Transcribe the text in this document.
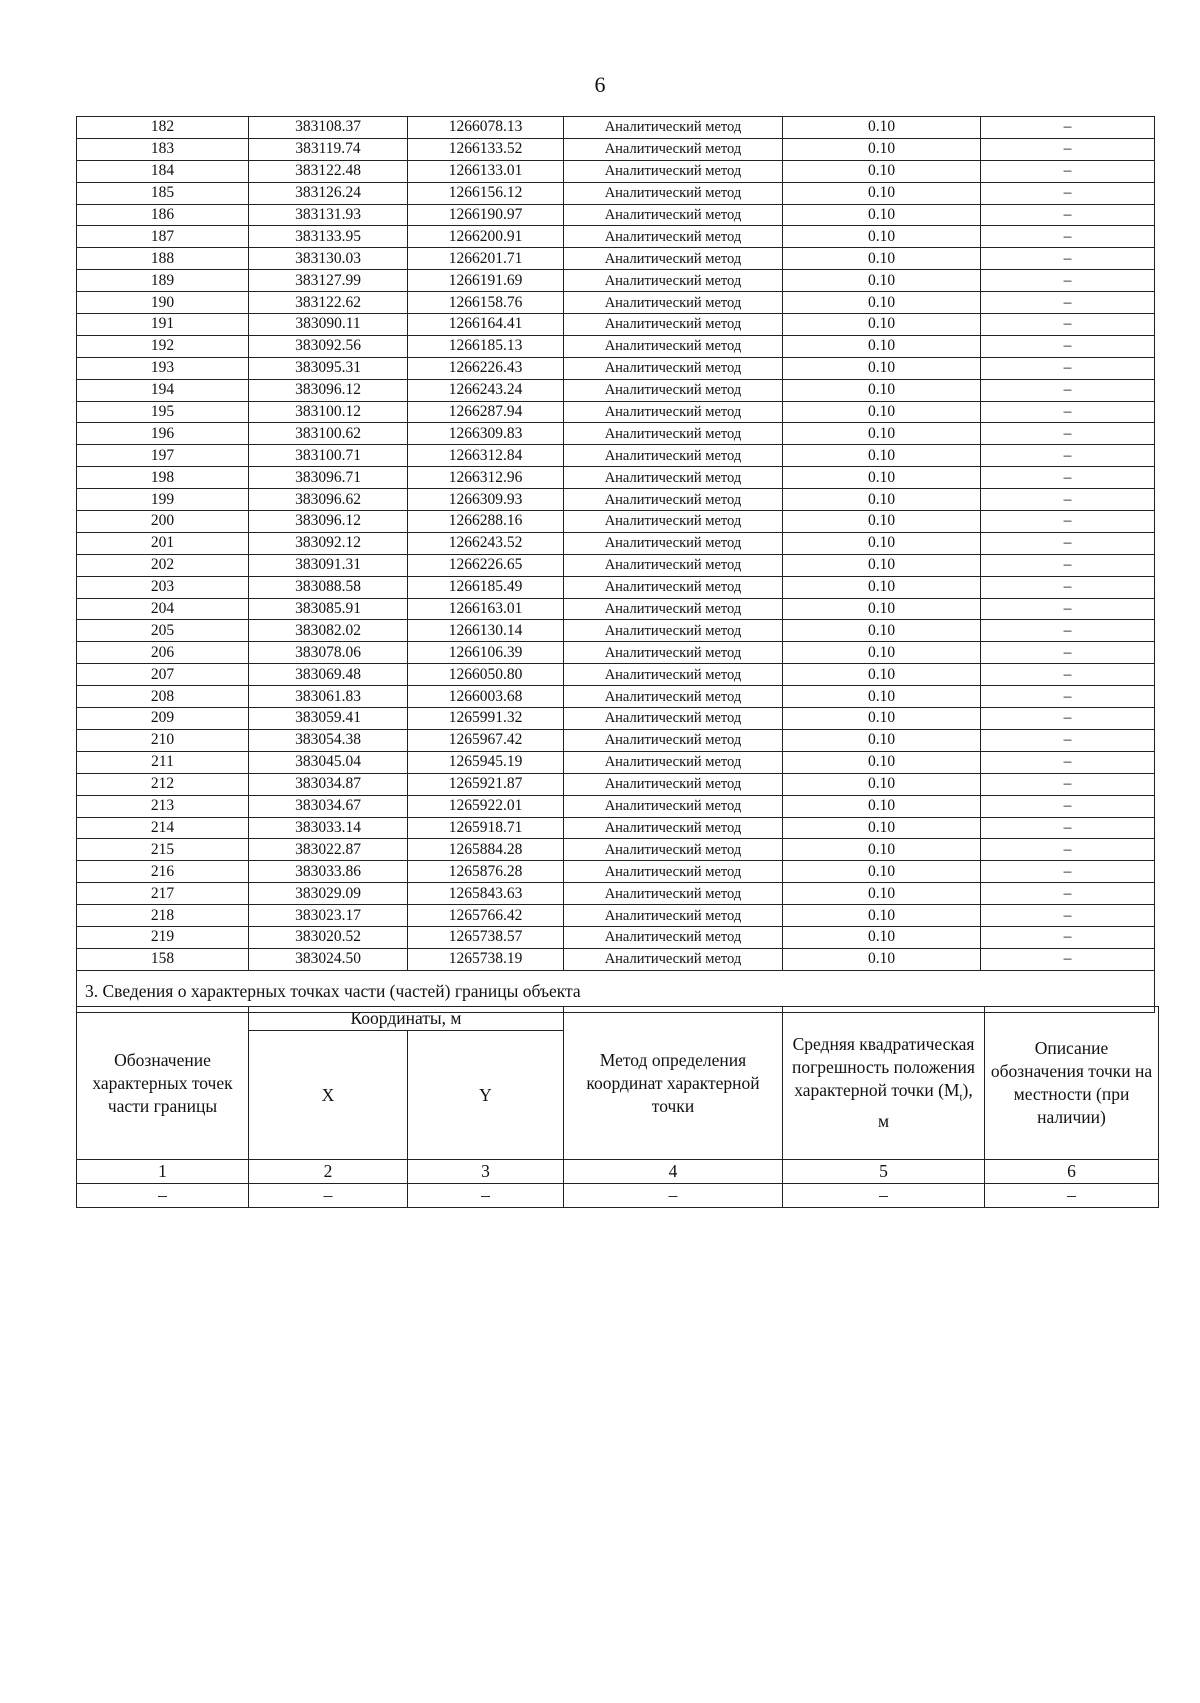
6
182	383108.37	1266078.13	Аналитический метод	0.10	–
183	383119.74	1266133.52	Аналитический метод	0.10	–
184	383122.48	1266133.01	Аналитический метод	0.10	–
185	383126.24	1266156.12	Аналитический метод	0.10	–
186	383131.93	1266190.97	Аналитический метод	0.10	–
187	383133.95	1266200.91	Аналитический метод	0.10	–
188	383130.03	1266201.71	Аналитический метод	0.10	–
189	383127.99	1266191.69	Аналитический метод	0.10	–
190	383122.62	1266158.76	Аналитический метод	0.10	–
191	383090.11	1266164.41	Аналитический метод	0.10	–
192	383092.56	1266185.13	Аналитический метод	0.10	–
193	383095.31	1266226.43	Аналитический метод	0.10	–
194	383096.12	1266243.24	Аналитический метод	0.10	–
195	383100.12	1266287.94	Аналитический метод	0.10	–
196	383100.62	1266309.83	Аналитический метод	0.10	–
197	383100.71	1266312.84	Аналитический метод	0.10	–
198	383096.71	1266312.96	Аналитический метод	0.10	–
199	383096.62	1266309.93	Аналитический метод	0.10	–
200	383096.12	1266288.16	Аналитический метод	0.10	–
201	383092.12	1266243.52	Аналитический метод	0.10	–
202	383091.31	1266226.65	Аналитический метод	0.10	–
203	383088.58	1266185.49	Аналитический метод	0.10	–
204	383085.91	1266163.01	Аналитический метод	0.10	–
205	383082.02	1266130.14	Аналитический метод	0.10	–
206	383078.06	1266106.39	Аналитический метод	0.10	–
207	383069.48	1266050.80	Аналитический метод	0.10	–
208	383061.83	1266003.68	Аналитический метод	0.10	–
209	383059.41	1265991.32	Аналитический метод	0.10	–
210	383054.38	1265967.42	Аналитический метод	0.10	–
211	383045.04	1265945.19	Аналитический метод	0.10	–
212	383034.87	1265921.87	Аналитический метод	0.10	–
213	383034.67	1265922.01	Аналитический метод	0.10	–
214	383033.14	1265918.71	Аналитический метод	0.10	–
215	383022.87	1265884.28	Аналитический метод	0.10	–
216	383033.86	1265876.28	Аналитический метод	0.10	–
217	383029.09	1265843.63	Аналитический метод	0.10	–
218	383023.17	1265766.42	Аналитический метод	0.10	–
219	383020.52	1265738.57	Аналитический метод	0.10	–
158	383024.50	1265738.19	Аналитический метод	0.10	–
3. Сведения о характерных точках части (частей) границы объекта					
Обозначение характерных точек части границы	Координаты, м		Метод определения координат характерной точки	Средняя квадратическая погрешность положения характерной точки $(М_t)$, м	Описание обозначения точки на местности (при наличии)
	X	Y			
1	2	3	4	5	6
–	–	–	–	–	–
